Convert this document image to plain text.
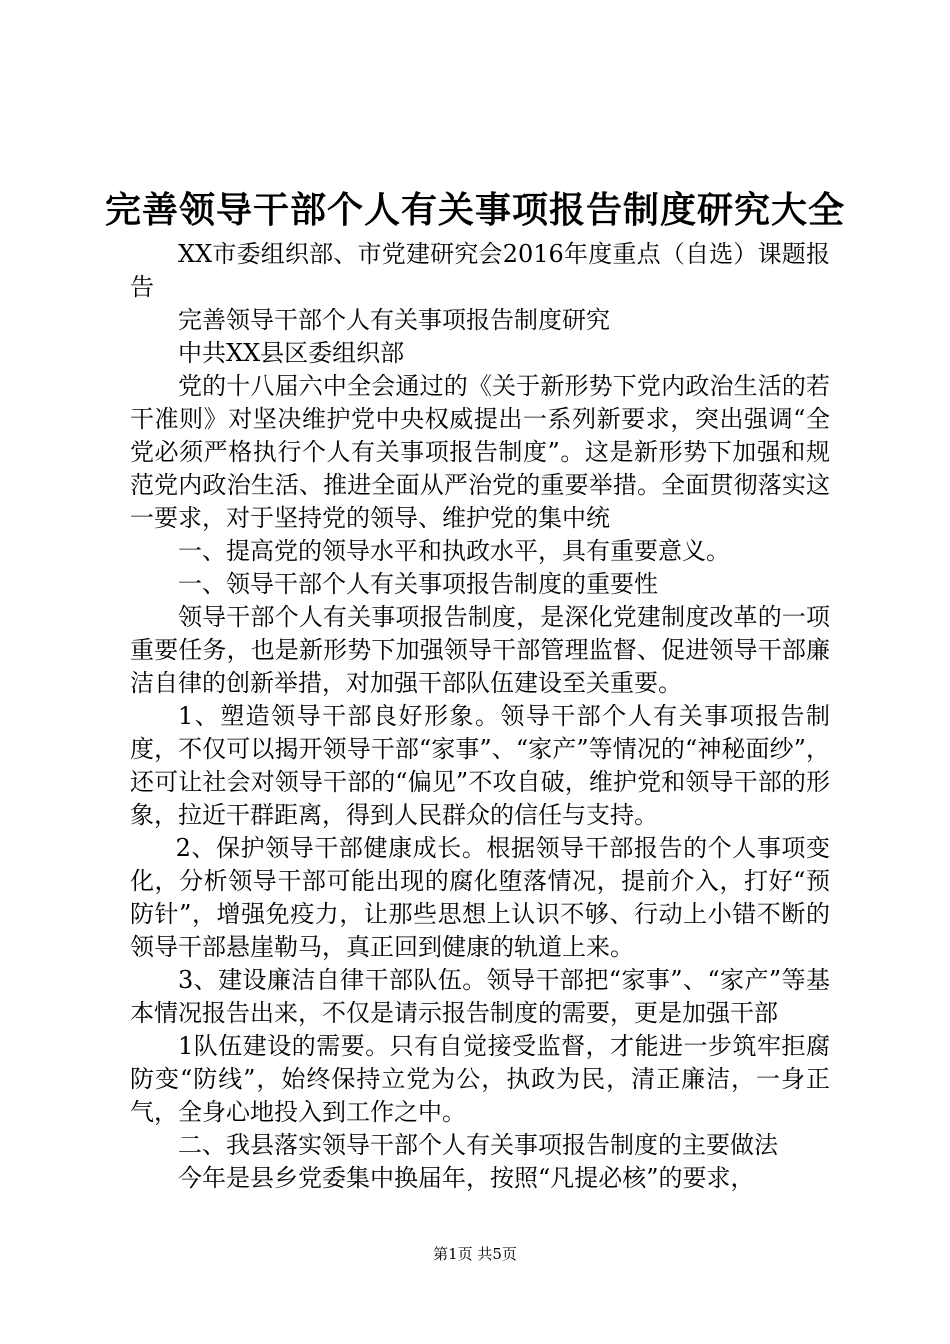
完善领导干部个人有关事项报告制度研究大全

XX市委组织部、市党建研究会2016年度重点（自选）课题报告

完善领导干部个人有关事项报告制度研究

中共XX县区委组织部

党的十八届六中全会通过的《关于新形势下党内政治生活的若干准则》对坚决维护党中央权威提出一系列新要求，突出强调“全党必须严格执行个人有关事项报告制度”。这是新形势下加强和规范党内政治生活、推进全面从严治党的重要举措。全面贯彻落实这一要求，对于坚持党的领导、维护党的集中统

一、提高党的领导水平和执政水平，具有重要意义。

一、领导干部个人有关事项报告制度的重要性

领导干部个人有关事项报告制度，是深化党建制度改革的一项重要任务，也是新形势下加强领导干部管理监督、促进领导干部廉洁自律的创新举措，对加强干部队伍建设至关重要。

1、塑造领导干部良好形象。领导干部个人有关事项报告制度，不仅可以揭开领导干部“家事”、“家产”等情况的“神秘面纱”，还可让社会对领导干部的“偏见”不攻自破，维护党和领导干部的形象，拉近干群距离，得到人民群众的信任与支持。

2、保护领导干部健康成长。根据领导干部报告的个人事项变化，分析领导干部可能出现的腐化堕落情况，提前介入，打好“预防针”，增强免疫力，让那些思想上认识不够、行动上小错不断的领导干部悬崖勒马，真正回到健康的轨道上来。

3、建设廉洁自律干部队伍。领导干部把“家事”、“家产”等基本情况报告出来，不仅是请示报告制度的需要，更是加强干部

1队伍建设的需要。只有自觉接受监督，才能进一步筑牢拒腐防变“防线”，始终保持立党为公，执政为民，清正廉洁，一身正气，全身心地投入到工作之中。

二、我县落实领导干部个人有关事项报告制度的主要做法

今年是县乡党委集中换届年，按照“凡提必核”的要求，

第1页 共5页
